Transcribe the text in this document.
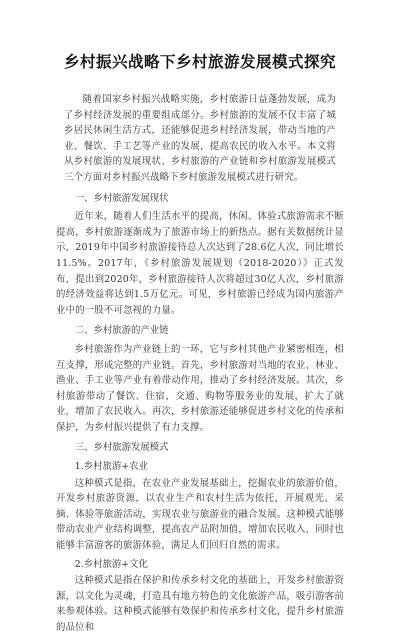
乡村振兴战略下乡村旅游发展模式探究

随着国家乡村振兴战略实施，乡村旅游日益蓬勃发展，成为了乡村经济发展的重要组成部分。乡村旅游的发展不仅丰富了城乡居民休闲生活方式，还能够促进乡村经济发展，带动当地的产业、餐饮、手工艺等产业的发展，提高农民的收入水平。本文将从乡村旅游的发展现状、乡村旅游的产业链和乡村旅游发展模式三个方面对乡村振兴战略下乡村旅游发展模式进行研究。

一、乡村旅游发展现状

近年来，随着人们生活水平的提高，休闲、体验式旅游需求不断提高，乡村旅游逐渐成为了旅游市场上的新热点。据有关数据统计显示，2019年中国乡村旅游接待总人次达到了28.6亿人次，同比增长11.5%。2017年，《乡村旅游发展规划（2018-2020）》正式发布，提出到2020年，乡村旅游接待人次将超过30亿人次，乡村旅游的经济效益将达到1.5万亿元。可见，乡村旅游已经成为国内旅游产业中的一股不可忽视的力量。

二、乡村旅游的产业链

乡村旅游作为产业链上的一环，它与乡村其他产业紧密相连，相互支撑，形成完整的产业链。首先，乡村旅游对当地的农业、林业、渔业、手工业等产业有着带动作用，推动了乡村经济发展。其次，乡村旅游带动了餐饮、住宿、交通、购物等服务业的发展，扩大了就业，增加了农民收入。再次，乡村旅游还能够促进乡村文化的传承和保护，为乡村振兴提供了有力支撑。

三、乡村旅游发展模式
1.乡村旅游+农业

这种模式是指，在农业产业发展基础上，挖掘农业的旅游价值，开发乡村旅游资源，以农业生产和农村生活为依托，开展观光、采摘、体验等旅游活动，实现农业与旅游业的融合发展。这种模式能够带动农业产业结构调整，提高农产品附加值，增加农民收入，同时也能够丰富游客的旅游体验，满足人们回归自然的需求。

2.乡村旅游+文化

这种模式是指在保护和传承乡村文化的基础上，开发乡村旅游资源，以文化为灵魂，打造具有地方特色的文化旅游产品，吸引游客前来参观体验。这种模式能够有效保护和传承乡村文化，提升乡村旅游的品位和
